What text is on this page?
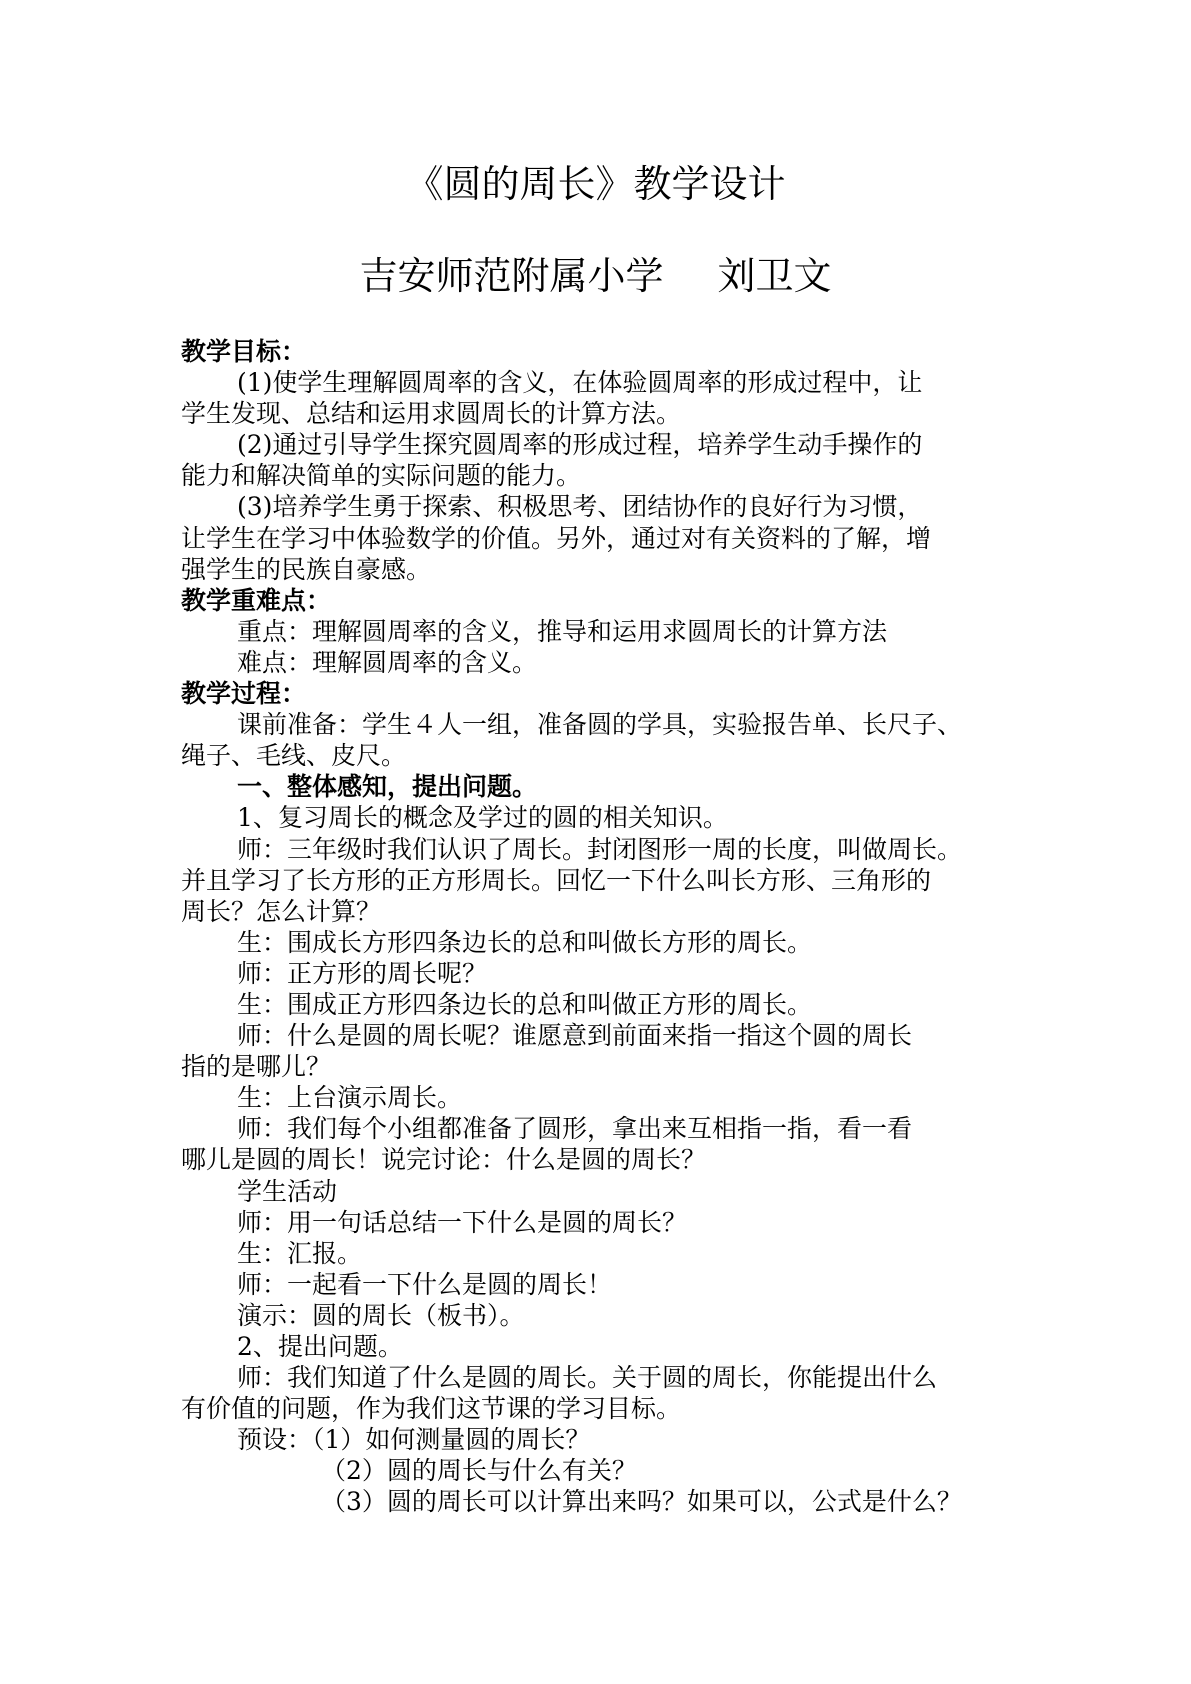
《圆的周长》教学设计
吉安师范附属小学 刘卫文
教学目标：
(1)使学生理解圆周率的含义，在体验圆周率的形成过程中，让
学生发现、总结和运用求圆周长的计算方法。
(2)通过引导学生探究圆周率的形成过程，培养学生动手操作的
能力和解决简单的实际问题的能力。
(3)培养学生勇于探索、积极思考、团结协作的良好行为习惯，
让学生在学习中体验数学的价值。另外，通过对有关资料的了解，增
强学生的民族自豪感。
教学重难点：
重点：理解圆周率的含义，推导和运用求圆周长的计算方法
难点：理解圆周率的含义。
教学过程：
课前准备：学生４人一组，准备圆的学具，实验报告单、长尺子、
绳子、毛线、皮尺。
一、整体感知，提出问题。
1、复习周长的概念及学过的圆的相关知识。
师：三年级时我们认识了周长。封闭图形一周的长度，叫做周长。
并且学习了长方形的正方形周长。回忆一下什么叫长方形、三角形的
周长？怎么计算？
生：围成长方形四条边长的总和叫做长方形的周长。
师：正方形的周长呢？
生：围成正方形四条边长的总和叫做正方形的周长。
师：什么是圆的周长呢？谁愿意到前面来指一指这个圆的周长
指的是哪儿？
生：上台演示周长。
师：我们每个小组都准备了圆形，拿出来互相指一指，看一看
哪儿是圆的周长！说完讨论：什么是圆的周长？
学生活动
师：用一句话总结一下什么是圆的周长？
生：汇报。
师：一起看一下什么是圆的周长！
演示：圆的周长（板书）。
2、提出问题。
师：我们知道了什么是圆的周长。关于圆的周长，你能提出什么
有价值的问题，作为我们这节课的学习目标。
预设：（1）如何测量圆的周长？
（2）圆的周长与什么有关？
（3）圆的周长可以计算出来吗？如果可以，公式是什么？
